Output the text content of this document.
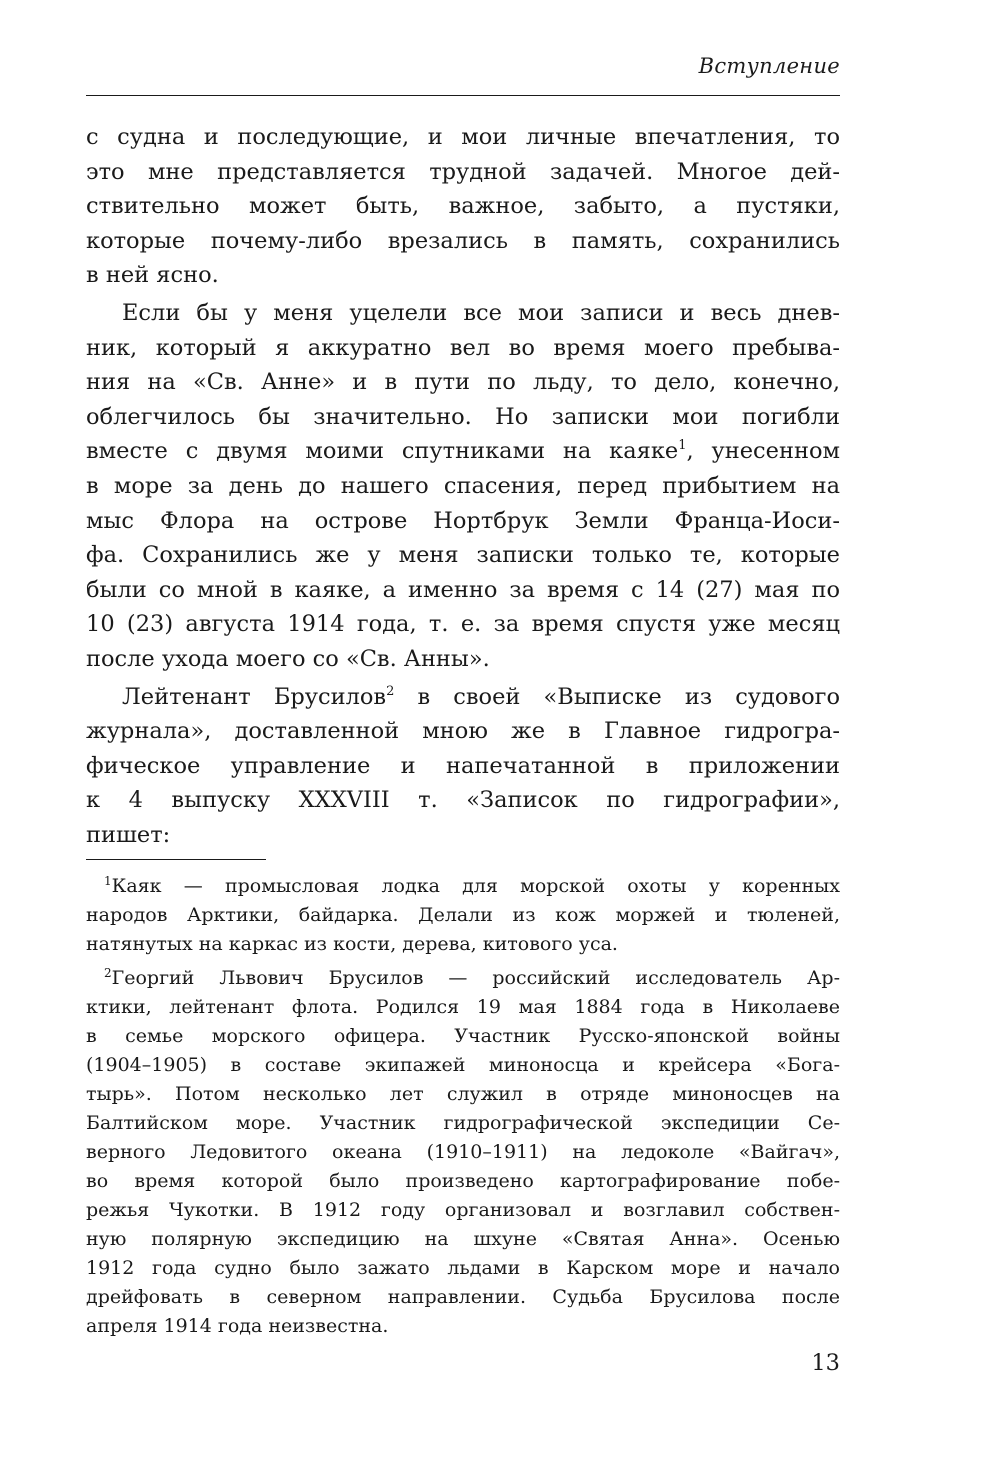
Вступление
с судна и последующие, и мои личные впечатления, то
это мне представляется трудной задачей. Многое дей-
ствительно может быть, важное, забыто, а пустяки,
которые почему-либо врезались в память, сохранились
в ней ясно.
Если бы у меня уцелели все мои записи и весь днев-
ник, который я аккуратно вел во время моего пребыва-
ния на «Св. Анне» и в пути по льду, то дело, конечно,
облегчилось бы значительно. Но записки мои погибли
вместе с двумя моими спутниками на каяке$^1$, унесенном
в море за день до нашего спасения, перед прибытием на
мыс Флора на острове Нортбрук Земли Франца-Иоси-
фа. Сохранились же у меня записки только те, которые
были со мной в каяке, а именно за время с 14 (27) мая по
10 (23) августа 1914 года, т. е. за время спустя уже месяц
после ухода моего со «Св. Анны».
Лейтенант Брусилов$^2$ в своей «Выписке из судового
журнала», доставленной мною же в Главное гидрогра-
фическое управление и напечатанной в приложении
к 4 выпуску XXXVIII т. «Записок по гидрографии»,
пишет:
$^1$Каяк — промысловая лодка для морской охоты у коренных
народов Арктики, байдарка. Делали из кож моржей и тюленей,
натянутых на каркас из кости, дерева, китового уса.
$^2$Георгий Львович Брусилов — российский исследователь Ар-
ктики, лейтенант флота. Родился 19 мая 1884 года в Николаеве
в семье морского офицера. Участник Русско-японской войны
(1904–1905) в составе экипажей миноносца и крейсера «Бога-
тырь». Потом несколько лет служил в отряде миноносцев на
Балтийском море. Участник гидрографической экспедиции Се-
верного Ледовитого океана (1910–1911) на ледоколе «Вайгач»,
во время которой было произведено картографирование побе-
режья Чукотки. В 1912 году организовал и возглавил собствен-
ную полярную экспедицию на шхуне «Святая Анна». Осенью
1912 года судно было зажато льдами в Карском море и начало
дрейфовать в северном направлении. Судьба Брусилова после
апреля 1914 года неизвестна.
13
